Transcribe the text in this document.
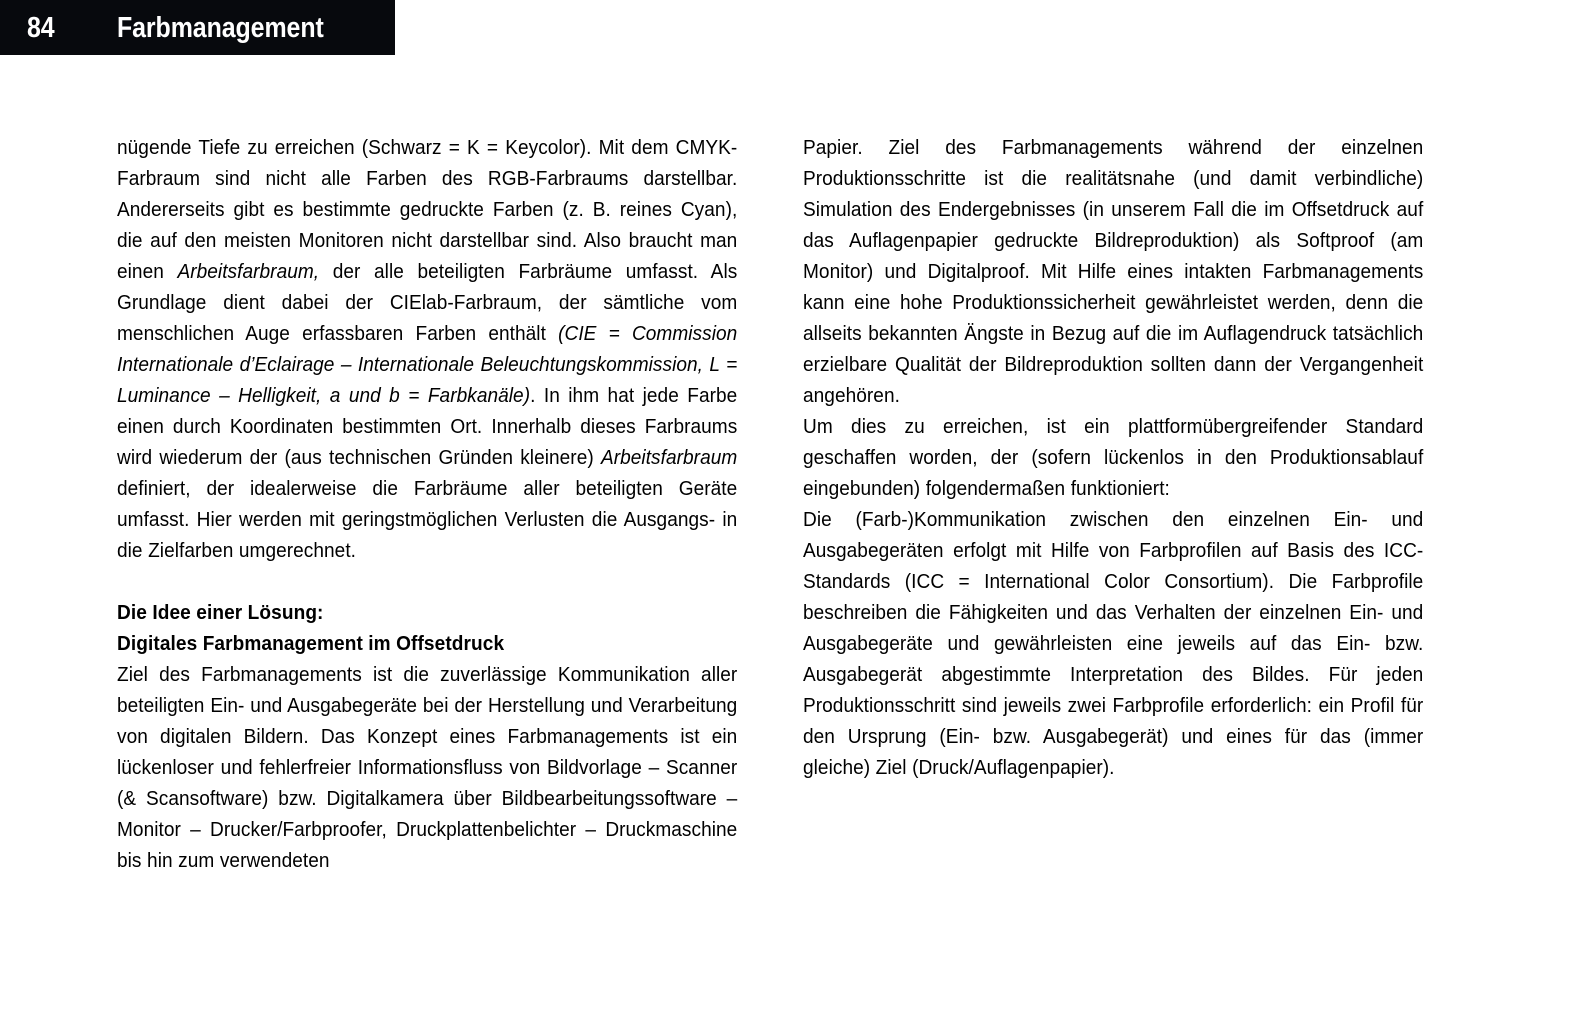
84 Farbmanagement

nügende Tiefe zu erreichen (Schwarz = K = Keycolor). Mit dem CMYK-Farbraum sind nicht alle Farben des RGB-Farbraums darstellbar. Andererseits gibt es bestimmte gedruckte Farben (z. B. reines Cyan), die auf den meisten Monitoren nicht darstellbar sind. Also braucht man einen Arbeitsfarbraum, der alle beteiligten Farbräume umfasst. Als Grundlage dient dabei der CIElab-Farbraum, der sämtliche vom menschlichen Auge erfassbaren Farben enthält (CIE = Commission Internationale d’Eclairage – Internationale Beleuchtungskommission, L = Luminance – Helligkeit, a und b = Farbkanäle). In ihm hat jede Farbe einen durch Koordinaten bestimmten Ort. Innerhalb dieses Farbraums wird wiederum der (aus technischen Gründen kleinere) Arbeitsfarbraum definiert, der idealerweise die Farbräume aller beteiligten Geräte umfasst. Hier werden mit geringstmöglichen Verlusten die Ausgangs- in die Zielfarben umgerechnet.

Die Idee einer Lösung:

Digitales Farbmanagement im Offsetdruck

Ziel des Farbmanagements ist die zuverlässige Kommunikation aller beteiligten Ein- und Ausgabegeräte bei der Herstellung und Verarbeitung von digitalen Bildern. Das Konzept eines Farbmanagements ist ein lückenloser und fehlerfreier Informationsfluss von Bildvorlage – Scanner (& Scansoftware) bzw. Digitalkamera über Bildbearbeitungssoftware – Monitor – Drucker/Farbproofer, Druckplattenbelichter – Druckmaschine bis hin zum verwendeten

Papier. Ziel des Farbmanagements während der einzelnen Produktionsschritte ist die realitätsnahe (und damit verbindliche) Simulation des Endergebnisses (in unserem Fall die im Offsetdruck auf das Auflagenpapier gedruckte Bildreproduktion) als Softproof (am Monitor) und Digitalproof. Mit Hilfe eines intakten Farbmanagements kann eine hohe Produktionssicherheit gewährleistet werden, denn die allseits bekannten Ängste in Bezug auf die im Auflagendruck tatsächlich erzielbare Qualität der Bildreproduktion sollten dann der Vergangenheit angehören.

Um dies zu erreichen, ist ein plattformübergreifender Standard geschaffen worden, der (sofern lückenlos in den Produktionsablauf eingebunden) folgendermaßen funktioniert:

Die (Farb-)Kommunikation zwischen den einzelnen Ein- und Ausgabegeräten erfolgt mit Hilfe von Farbprofilen auf Basis des ICC-Standards (ICC = International Color Consortium). Die Farbprofile beschreiben die Fähigkeiten und das Verhalten der einzelnen Ein- und Ausgabegeräte und gewährleisten eine jeweils auf das Ein- bzw. Ausgabegerät abgestimmte Interpretation des Bildes. Für jeden Produktionsschritt sind jeweils zwei Farbprofile erforderlich: ein Profil für den Ursprung (Ein- bzw. Ausgabegerät) und eines für das (immer gleiche) Ziel (Druck/Auflagenpapier).
